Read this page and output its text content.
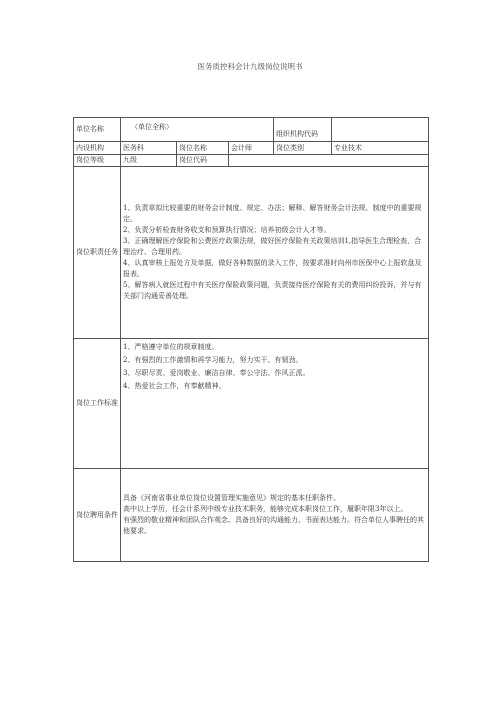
医务质控科会计九级岗位说明书
单位名称	（单位全称）			组织机构代码	
内设机构	医务科	岗位名称	会计师	岗位类别	专业技术
岗位等级	九级	岗位代码			
岗位职责任务	1、负责草拟比较重要的财务会计制度、规定、办法；解释、解答财务会计法规、制度中的重要规定。
2、负责分析检查财务收支和预算执行情况；培养初级会计人才等。
3、正确理解医疗保险和公费医疗政策法规，做好医疗保险有关政策培训1,指导医生合理检查、合理治疗、合理用药。
4、认真审核上报处方及单据，做好各种数据的录入工作，按要求准时向州市医保中心上报软盘及报表。
5、解答病人就医过程中有关医疗保险政策问题，负责接待医疗保险有关的费用纠纷投诉，并与有关部门沟通妥善处理。				

岗位工作标准	1、严格遵守单位的规章制度。
2、有强烈的工作激情和再学习能力，努力实干、有韧劲。
3、尽职尽责、爱岗敬业、廉洁自律、奉公守法、作风正派。
4、热爱社会工作，有奉献精神。				

岗位聘用条件	具备《河南省事业单位岗位设置管理实施意见》规定的基本任职条件。
高中以上学历，任会计系列中级专业技术职务，能够完成本职岗位工作，履职年限3年以上。
有强烈的敬业精神和团队合作观念。具备良好的沟通能力、书面表达能力。符合单位人事聘任的其他要求。				
